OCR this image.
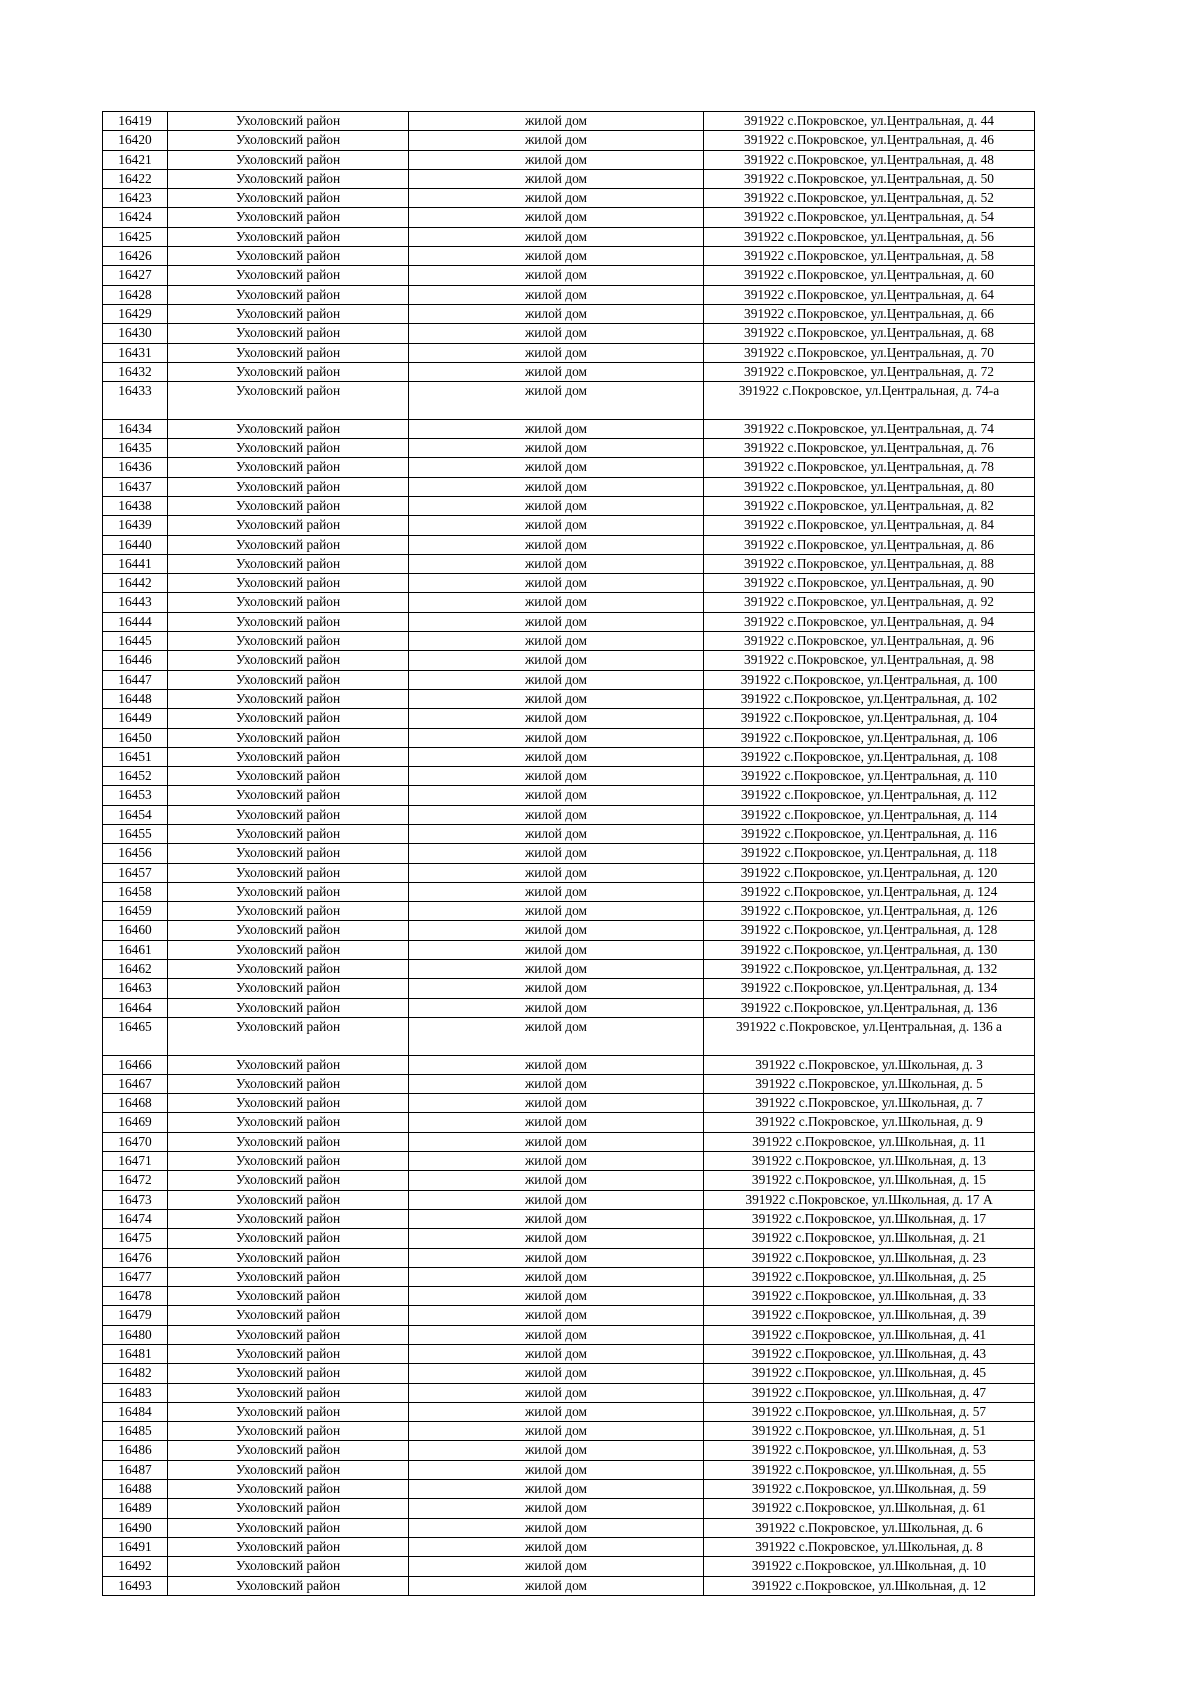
16419	Ухоловский район	жилой дом	391922 с.Покровское, ул.Центральная, д. 44
16420	Ухоловский район	жилой дом	391922 с.Покровское, ул.Центральная, д. 46
16421	Ухоловский район	жилой дом	391922 с.Покровское, ул.Центральная, д. 48
16422	Ухоловский район	жилой дом	391922 с.Покровское, ул.Центральная, д. 50
16423	Ухоловский район	жилой дом	391922 с.Покровское, ул.Центральная, д. 52
16424	Ухоловский район	жилой дом	391922 с.Покровское, ул.Центральная, д. 54
16425	Ухоловский район	жилой дом	391922 с.Покровское, ул.Центральная, д. 56
16426	Ухоловский район	жилой дом	391922 с.Покровское, ул.Центральная, д. 58
16427	Ухоловский район	жилой дом	391922 с.Покровское, ул.Центральная, д. 60
16428	Ухоловский район	жилой дом	391922 с.Покровское, ул.Центральная, д. 64
16429	Ухоловский район	жилой дом	391922 с.Покровское, ул.Центральная, д. 66
16430	Ухоловский район	жилой дом	391922 с.Покровское, ул.Центральная, д. 68
16431	Ухоловский район	жилой дом	391922 с.Покровское, ул.Центральная, д. 70
16432	Ухоловский район	жилой дом	391922 с.Покровское, ул.Центральная, д. 72
16433	Ухоловский район	жилой дом	391922 с.Покровское, ул.Центральная, д. 74-а
16434	Ухоловский район	жилой дом	391922 с.Покровское, ул.Центральная, д. 74
16435	Ухоловский район	жилой дом	391922 с.Покровское, ул.Центральная, д. 76
16436	Ухоловский район	жилой дом	391922 с.Покровское, ул.Центральная, д. 78
16437	Ухоловский район	жилой дом	391922 с.Покровское, ул.Центральная, д. 80
16438	Ухоловский район	жилой дом	391922 с.Покровское, ул.Центральная, д. 82
16439	Ухоловский район	жилой дом	391922 с.Покровское, ул.Центральная, д. 84
16440	Ухоловский район	жилой дом	391922 с.Покровское, ул.Центральная, д. 86
16441	Ухоловский район	жилой дом	391922 с.Покровское, ул.Центральная, д. 88
16442	Ухоловский район	жилой дом	391922 с.Покровское, ул.Центральная, д. 90
16443	Ухоловский район	жилой дом	391922 с.Покровское, ул.Центральная, д. 92
16444	Ухоловский район	жилой дом	391922 с.Покровское, ул.Центральная, д. 94
16445	Ухоловский район	жилой дом	391922 с.Покровское, ул.Центральная, д. 96
16446	Ухоловский район	жилой дом	391922 с.Покровское, ул.Центральная, д. 98
16447	Ухоловский район	жилой дом	391922 с.Покровское, ул.Центральная, д. 100
16448	Ухоловский район	жилой дом	391922 с.Покровское, ул.Центральная, д. 102
16449	Ухоловский район	жилой дом	391922 с.Покровское, ул.Центральная, д. 104
16450	Ухоловский район	жилой дом	391922 с.Покровское, ул.Центральная, д. 106
16451	Ухоловский район	жилой дом	391922 с.Покровское, ул.Центральная, д. 108
16452	Ухоловский район	жилой дом	391922 с.Покровское, ул.Центральная, д. 110
16453	Ухоловский район	жилой дом	391922 с.Покровское, ул.Центральная, д. 112
16454	Ухоловский район	жилой дом	391922 с.Покровское, ул.Центральная, д. 114
16455	Ухоловский район	жилой дом	391922 с.Покровское, ул.Центральная, д. 116
16456	Ухоловский район	жилой дом	391922 с.Покровское, ул.Центральная, д. 118
16457	Ухоловский район	жилой дом	391922 с.Покровское, ул.Центральная, д. 120
16458	Ухоловский район	жилой дом	391922 с.Покровское, ул.Центральная, д. 124
16459	Ухоловский район	жилой дом	391922 с.Покровское, ул.Центральная, д. 126
16460	Ухоловский район	жилой дом	391922 с.Покровское, ул.Центральная, д. 128
16461	Ухоловский район	жилой дом	391922 с.Покровское, ул.Центральная, д. 130
16462	Ухоловский район	жилой дом	391922 с.Покровское, ул.Центральная, д. 132
16463	Ухоловский район	жилой дом	391922 с.Покровское, ул.Центральная, д. 134
16464	Ухоловский район	жилой дом	391922 с.Покровское, ул.Центральная, д. 136
16465	Ухоловский район	жилой дом	391922 с.Покровское, ул.Центральная, д. 136 а
16466	Ухоловский район	жилой дом	391922 с.Покровское, ул.Школьная, д. 3
16467	Ухоловский район	жилой дом	391922 с.Покровское, ул.Школьная, д. 5
16468	Ухоловский район	жилой дом	391922 с.Покровское, ул.Школьная, д. 7
16469	Ухоловский район	жилой дом	391922 с.Покровское, ул.Школьная, д. 9
16470	Ухоловский район	жилой дом	391922 с.Покровское, ул.Школьная, д. 11
16471	Ухоловский район	жилой дом	391922 с.Покровское, ул.Школьная, д. 13
16472	Ухоловский район	жилой дом	391922 с.Покровское, ул.Школьная, д. 15
16473	Ухоловский район	жилой дом	391922 с.Покровское, ул.Школьная, д. 17 А
16474	Ухоловский район	жилой дом	391922 с.Покровское, ул.Школьная, д. 17
16475	Ухоловский район	жилой дом	391922 с.Покровское, ул.Школьная, д. 21
16476	Ухоловский район	жилой дом	391922 с.Покровское, ул.Школьная, д. 23
16477	Ухоловский район	жилой дом	391922 с.Покровское, ул.Школьная, д. 25
16478	Ухоловский район	жилой дом	391922 с.Покровское, ул.Школьная, д. 33
16479	Ухоловский район	жилой дом	391922 с.Покровское, ул.Школьная, д. 39
16480	Ухоловский район	жилой дом	391922 с.Покровское, ул.Школьная, д. 41
16481	Ухоловский район	жилой дом	391922 с.Покровское, ул.Школьная, д. 43
16482	Ухоловский район	жилой дом	391922 с.Покровское, ул.Школьная, д. 45
16483	Ухоловский район	жилой дом	391922 с.Покровское, ул.Школьная, д. 47
16484	Ухоловский район	жилой дом	391922 с.Покровское, ул.Школьная, д. 57
16485	Ухоловский район	жилой дом	391922 с.Покровское, ул.Школьная, д. 51
16486	Ухоловский район	жилой дом	391922 с.Покровское, ул.Школьная, д. 53
16487	Ухоловский район	жилой дом	391922 с.Покровское, ул.Школьная, д. 55
16488	Ухоловский район	жилой дом	391922 с.Покровское, ул.Школьная, д. 59
16489	Ухоловский район	жилой дом	391922 с.Покровское, ул.Школьная, д. 61
16490	Ухоловский район	жилой дом	391922 с.Покровское, ул.Школьная, д. 6
16491	Ухоловский район	жилой дом	391922 с.Покровское, ул.Школьная, д. 8
16492	Ухоловский район	жилой дом	391922 с.Покровское, ул.Школьная, д. 10
16493	Ухоловский район	жилой дом	391922 с.Покровское, ул.Школьная, д. 12
